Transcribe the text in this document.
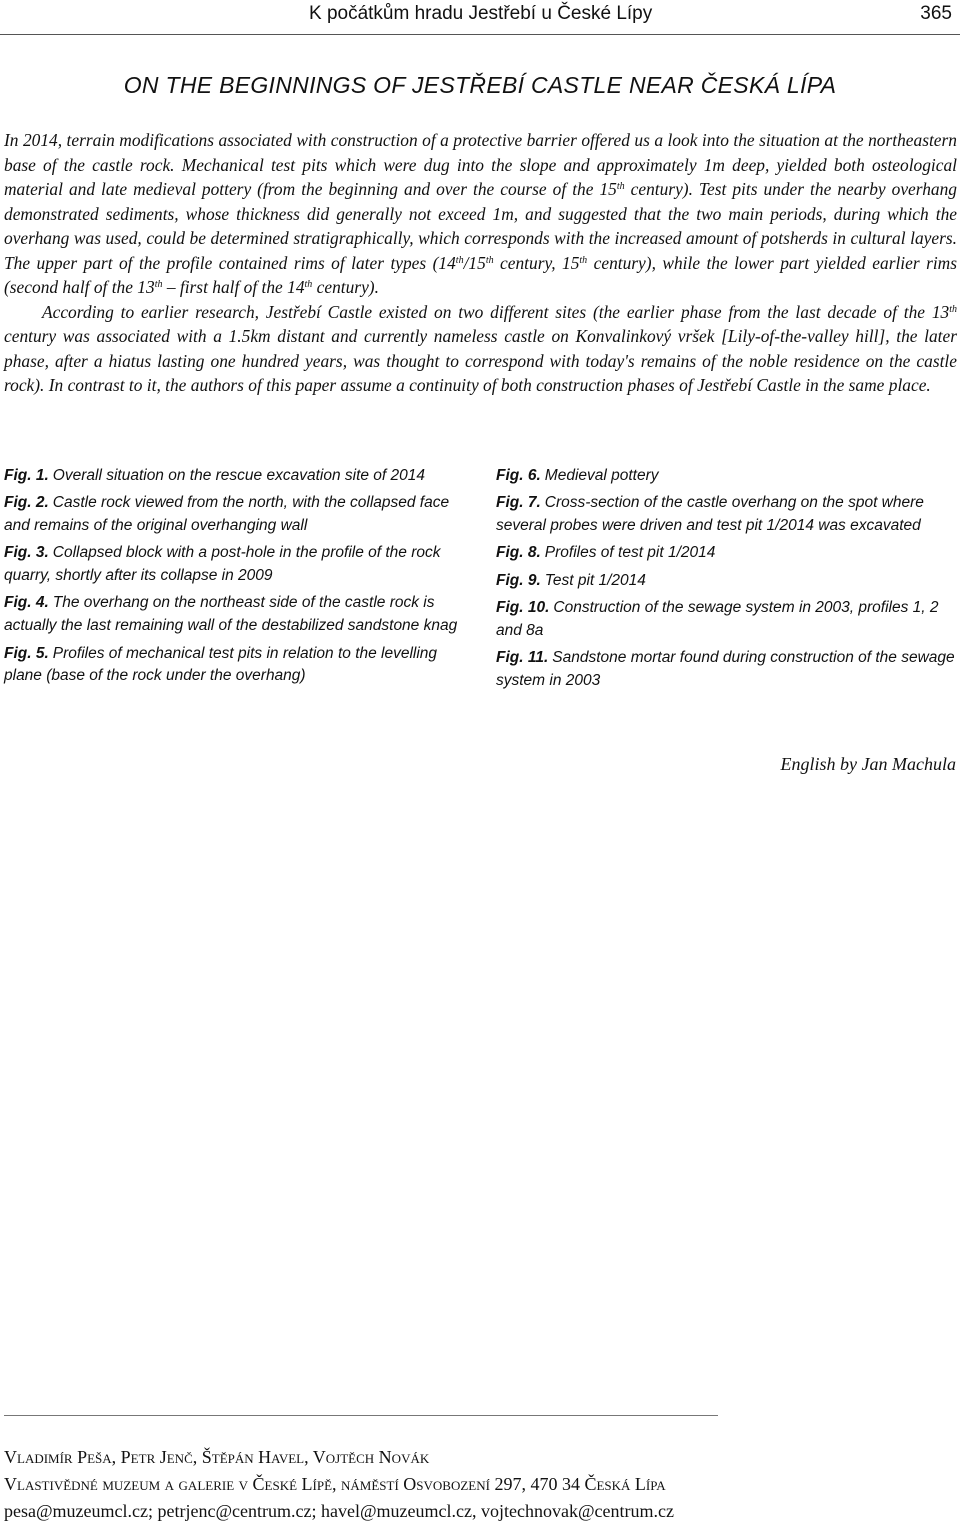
K počátkům hradu Jestřebí u České Lípy	365
ON THE BEGINNINGS OF JESTŘEBÍ CASTLE NEAR ČESKÁ LÍPA

In 2014, terrain modifications associated with construction of a protective barrier offered us a look into the situation at the northeastern base of the castle rock. Mechanical test pits which were dug into the slope and approximately 1m deep, yielded both osteological material and late medieval pottery (from the beginning and over the course of the 15th century). Test pits under the nearby overhang demonstrated sediments, whose thickness did generally not exceed 1m, and suggested that the two main periods, during which the overhang was used, could be determined stratigraphically, which corresponds with the increased amount of potsherds in cultural layers. The upper part of the profile contained rims of later types (14th/15th century, 15th century), while the lower part yielded earlier rims (second half of the 13th – first half of the 14th century).

According to earlier research, Jestřebí Castle existed on two different sites (the earlier phase from the last decade of the 13th century was associated with a 1.5km distant and currently nameless castle on Konvalinkový vršek [Lily-of-the-valley hill], the later phase, after a hiatus lasting one hundred years, was thought to correspond with today's remains of the noble residence on the castle rock). In contrast to it, the authors of this paper assume a continuity of both construction phases of Jestřebí Castle in the same place.

Fig. 1. Overall situation on the rescue excavation site of 2014
Fig. 2. Castle rock viewed from the north, with the collapsed face and remains of the original overhanging wall
Fig. 3. Collapsed block with a post-hole in the profile of the rock quarry, shortly after its collapse in 2009
Fig. 4. The overhang on the northeast side of the castle rock is actually the last remaining wall of the destabilized sandstone knag
Fig. 5. Profiles of mechanical test pits in relation to the levelling plane (base of the rock under the overhang)
Fig. 6. Medieval pottery
Fig. 7. Cross-section of the castle overhang on the spot where several probes were driven and test pit 1/2014 was excavated
Fig. 8. Profiles of test pit 1/2014
Fig. 9. Test pit 1/2014
Fig. 10. Construction of the sewage system in 2003, profiles 1, 2 and 8a
Fig. 11. Sandstone mortar found during construction of the sewage system in 2003
English by Jan Machula
Vladimír Peša, Petr Jenč, Štěpán Havel, Vojtěch Novák
Vlastivědné muzeum a galerie v České Lípě, náměstí Osvobození 297, 470 34 Česká Lípa
pesa@muzeumcl.cz; petrjenc@centrum.cz; havel@muzeumcl.cz, vojtechnovak@centrum.cz
